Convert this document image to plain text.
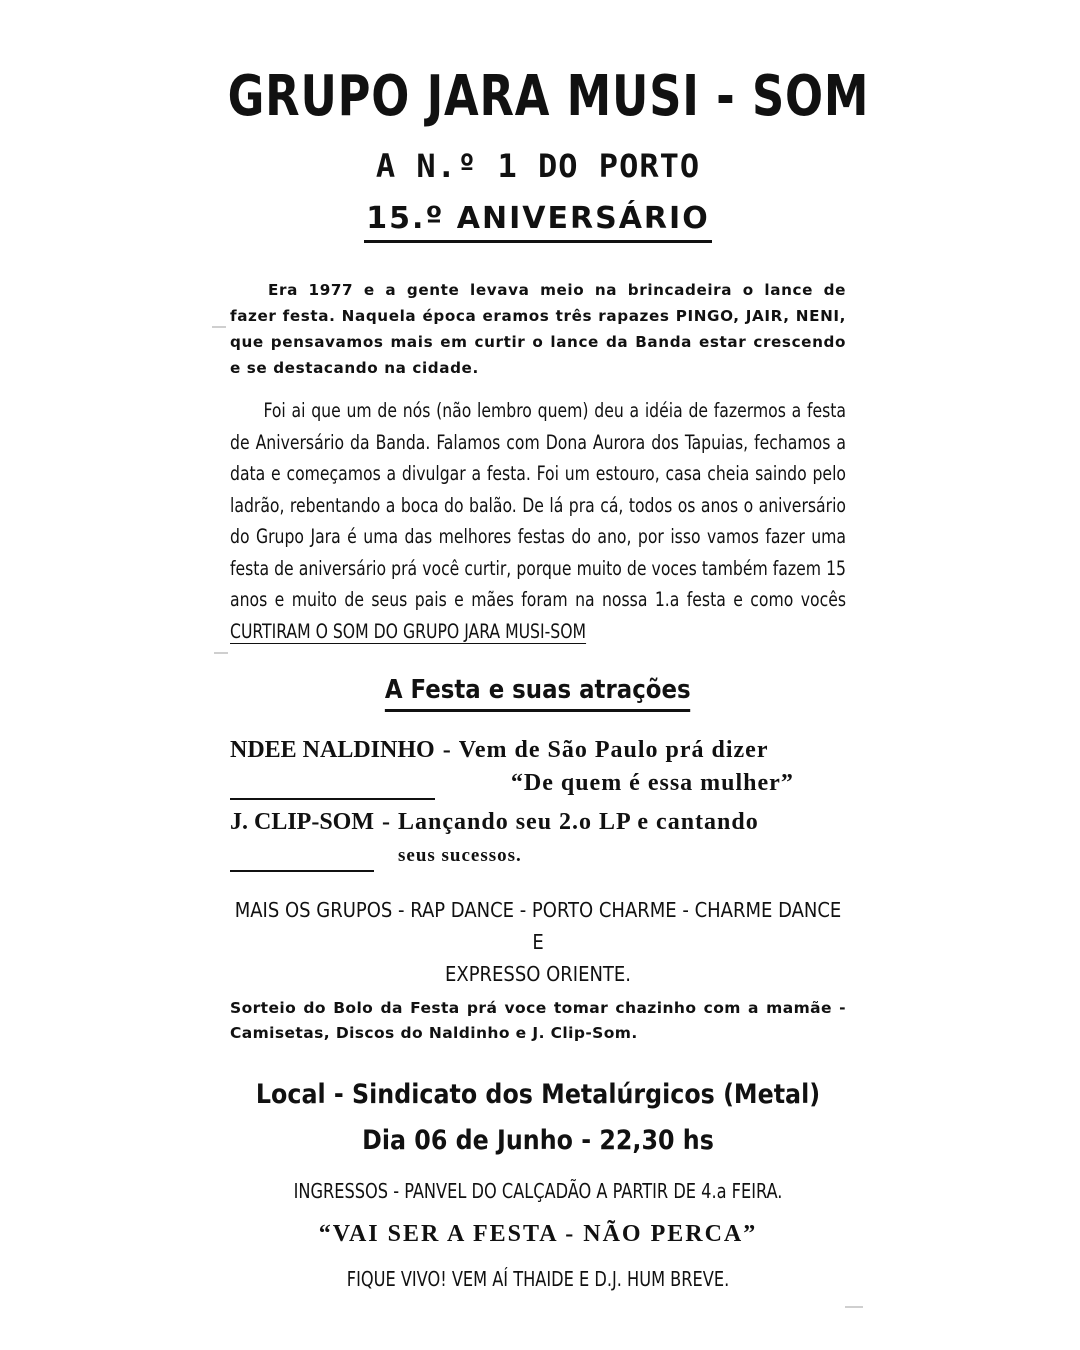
GRUPO JARA MUSI - SOM
A N.º 1 DO PORTO
15.º ANIVERSÁRIO
Era 1977 e a gente levava meio na brincadeira o lance de fazer festa. Naquela época eramos três rapazes PINGO, JAIR, NENI, que pensavamos mais em curtir o lance da Banda estar crescendo e se destacando na cidade.
Foi ai que um de nós (não lembro quem) deu a idéia de fazermos a festa de Aniversário da Banda. Falamos com Dona Aurora dos Tapuias, fechamos a data e começamos a divulgar a festa. Foi um estouro, casa cheia saindo pelo ladrão, rebentando a boca do balão. De lá pra cá, todos os anos o aniversário do Grupo Jara é uma das melhores festas do ano, por isso vamos fazer uma festa de aniversário prá você curtir, porque muito de voces também fazem 15 anos e muito de seus pais e mães foram na nossa 1.a festa e como vocês CURTIRAM O SOM DO GRUPO JARA MUSI-SOM
A Festa e suas atrações
NDEE NALDINHO - Vem de São Paulo prá dizer
“De quem é essa mulher”
J. CLIP-SOM - Lançando seu 2.o LP e cantando
seus sucessos.
MAIS OS GRUPOS - RAP DANCE - PORTO CHARME - CHARME DANCE E
EXPRESSO ORIENTE.
Sorteio do Bolo da Festa prá voce tomar chazinho com a mamãe - Camisetas, Discos do Naldinho e J. Clip-Som.
Local - Sindicato dos Metalúrgicos (Metal)
Dia 06 de Junho - 22,30 hs
INGRESSOS - PANVEL DO CALÇADÃO A PARTIR DE 4.a FEIRA.
“VAI SER A FESTA - NÃO PERCA”
FIQUE VIVO! VEM AÍ THAIDE E D.J. HUM BREVE.
